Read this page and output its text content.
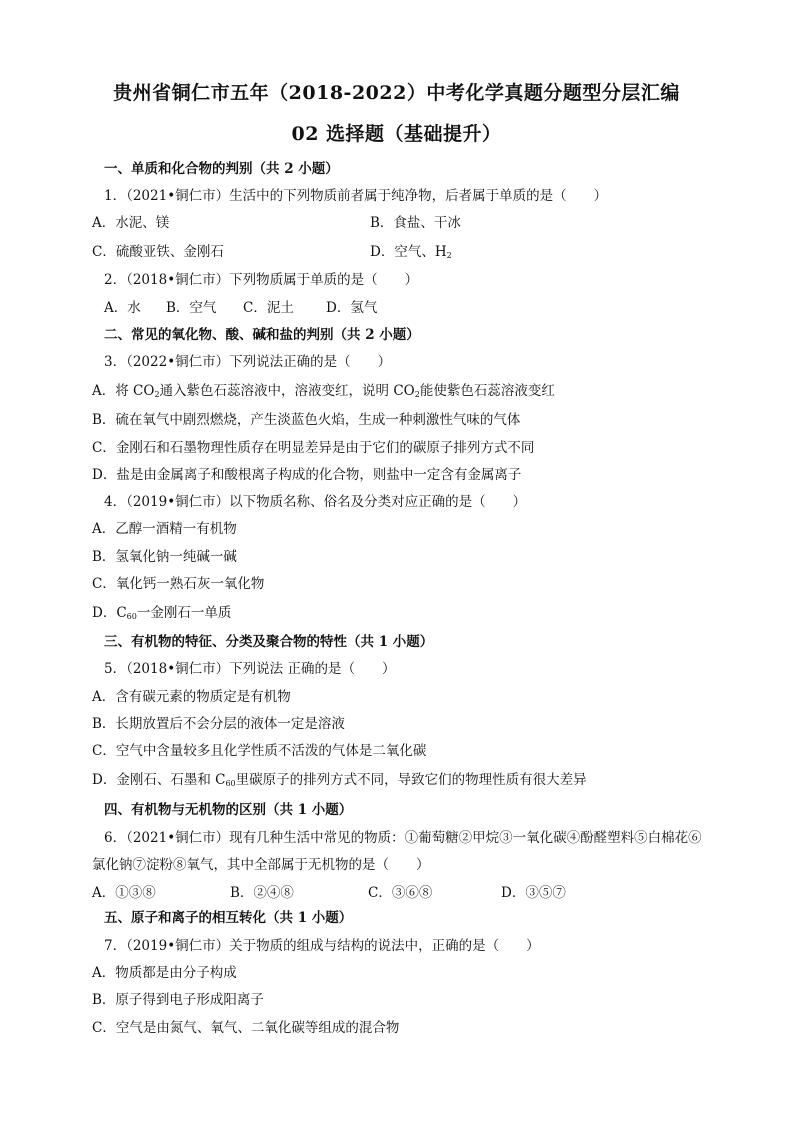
贵州省铜仁市五年（2018-2022）中考化学真题分题型分层汇编
02 选择题（基础提升）
一、单质和化合物的判别（共 2 小题）
1．（2021•铜仁市）生活中的下列物质前者属于纯净物，后者属于单质的是（　　）
A．水泥、镁	B．食盐、干冰
C．硫酸亚铁、金刚石	D．空气、$H_2$
2．（2018•铜仁市）下列物质属于单质的是（　　）
A．水 B．空气 C．泥土 D．氢气
二、常见的氧化物、酸、碱和盐的判别（共 2 小题）
3．（2022•铜仁市）下列说法正确的是（　　）
A．将 $CO_2$通入紫色石蕊溶液中，溶液变红，说明 $CO_2$能使紫色石蕊溶液变红
B．硫在氧气中剧烈燃烧，产生淡蓝色火焰，生成一种刺激性气味的气体
C．金刚石和石墨物理性质存在明显差异是由于它们的碳原子排列方式不同
D．盐是由金属离子和酸根离子构成的化合物，则盐中一定含有金属离子
4．（2019•铜仁市）以下物质名称、俗名及分类对应正确的是（　　）
A．乙醇一酒精一有机物
B．氢氧化钠一纯碱一碱
C．氧化钙一熟石灰一氧化物
D．$C_{60}$一金刚石一单质
三、有机物的特征、分类及聚合物的特性（共 1 小题）
5．（2018•铜仁市）下列说法 正确的是（　　）
A．含有碳元素的物质定是有机物
B．长期放置后不会分层的液体一定是溶液
C．空气中含量较多且化学性质不活泼的气体是二氧化碳
D．金刚石、石墨和 $C_{60}$里碳原子的排列方式不同，导致它们的物理性质有很大差异
四、有机物与无机物的区别（共 1 小题）
6．（2021•铜仁市）现有几种生活中常见的物质：①葡萄糖②甲烷③一氧化碳④酚醛塑料⑤白棉花⑥
氯化钠⑦淀粉⑧氧气，其中全部属于无机物的是（　　）
A．①③⑧	B．②④⑧	C．③⑥⑧	D．③⑤⑦
五、原子和离子的相互转化（共 1 小题）
7．（2019•铜仁市）关于物质的组成与结构的说法中，正确的是（　　）
A．物质都是由分子构成
B．原子得到电子形成阳离子
C．空气是由氮气、氧气、二氧化碳等组成的混合物
